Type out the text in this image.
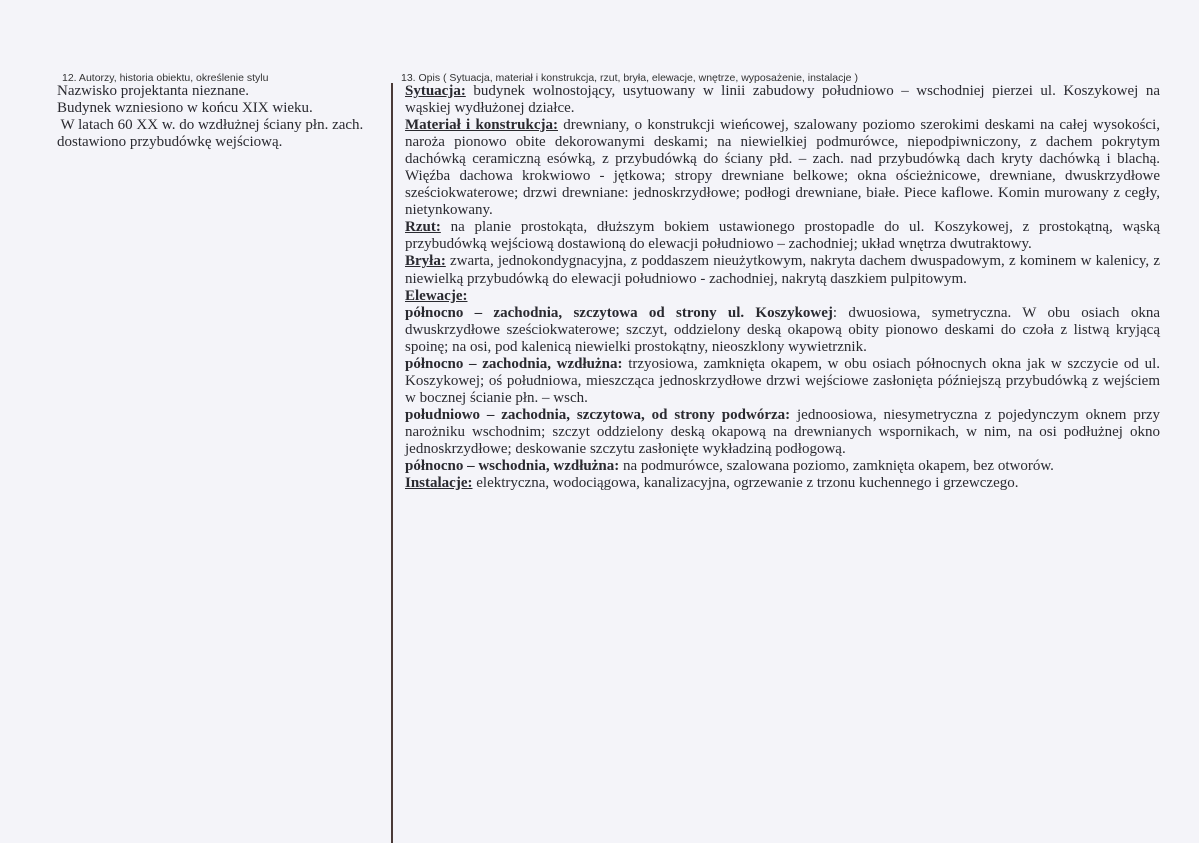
12. Autorzy, historia obiektu, określenie stylu	13. Opis ( Sytuacja, materiał i konstrukcja, rzut, bryła, elewacje, wnętrze, wyposażenie, instalacje )

Nazwisko projektanta nieznane.

Budynek wzniesiono w końcu XIX wieku.

W latach 60 XX w. do wzdłużnej ściany płn. zach.

dostawiono przybudówkę wejściową.

Sytuacja: budynek wolnostojący, usytuowany w linii zabudowy południowo – wschodniej pierzei ul. Koszykowej na wąskiej wydłużonej działce.

Materiał i konstrukcja: drewniany, o konstrukcji wieńcowej, szalowany poziomo szerokimi deskami na całej wysokości, naroża pionowo obite dekorowanymi deskami; na niewielkiej podmurówce, niepodpiwniczony, z dachem pokrytym dachówką ceramiczną esówką, z przybudówką do ściany płd. – zach. nad przybudówką dach kryty dachówką i blachą. Więźba dachowa krokwiowo - jętkowa; stropy drewniane belkowe; okna ościeżnicowe, drewniane, dwuskrzydłowe sześciokwaterowe; drzwi drewniane: jednoskrzydłowe; podłogi drewniane, białe. Piece kaflowe. Komin murowany z cegły, nietynkowany.

Rzut: na planie prostokąta, dłuższym bokiem ustawionego prostopadle do ul. Koszykowej, z prostokątną, wąską przybudówką wejściową dostawioną do elewacji południowo – zachodniej; układ wnętrza dwutraktowy.

Bryła: zwarta, jednokondygnacyjna, z poddaszem nieużytkowym, nakryta dachem dwuspadowym, z kominem w kalenicy, z niewielką przybudówką do elewacji południowo - zachodniej, nakrytą daszkiem pulpitowym.

Elewacje:

północno – zachodnia, szczytowa od strony ul. Koszykowej: dwuosiowa, symetryczna. W obu osiach okna dwuskrzydłowe sześciokwaterowe; szczyt, oddzielony deską okapową obity pionowo deskami do czoła z listwą kryjącą spoinę; na osi, pod kalenicą niewielki prostokątny, nieoszklony wywietrznik.

północno – zachodnia, wzdłużna: trzyosiowa, zamknięta okapem, w obu osiach północnych okna jak w szczycie od ul. Koszykowej; oś południowa, mieszcząca jednoskrzydłowe drzwi wejściowe zasłonięta późniejszą przybudówką z wejściem w bocznej ścianie płn. – wsch.

południowo – zachodnia, szczytowa, od strony podwórza: jednoosiowa, niesymetryczna z pojedynczym oknem przy narożniku wschodnim; szczyt oddzielony deską okapową na drewnianych wspornikach, w nim, na osi podłużnej okno jednoskrzydłowe; deskowanie szczytu zasłonięte wykładziną podłogową.

północno – wschodnia, wzdłużna: na podmurówce, szalowana poziomo, zamknięta okapem, bez otworów.

Instalacje: elektryczna, wodociągowa, kanalizacyjna, ogrzewanie z trzonu kuchennego i grzewczego.
